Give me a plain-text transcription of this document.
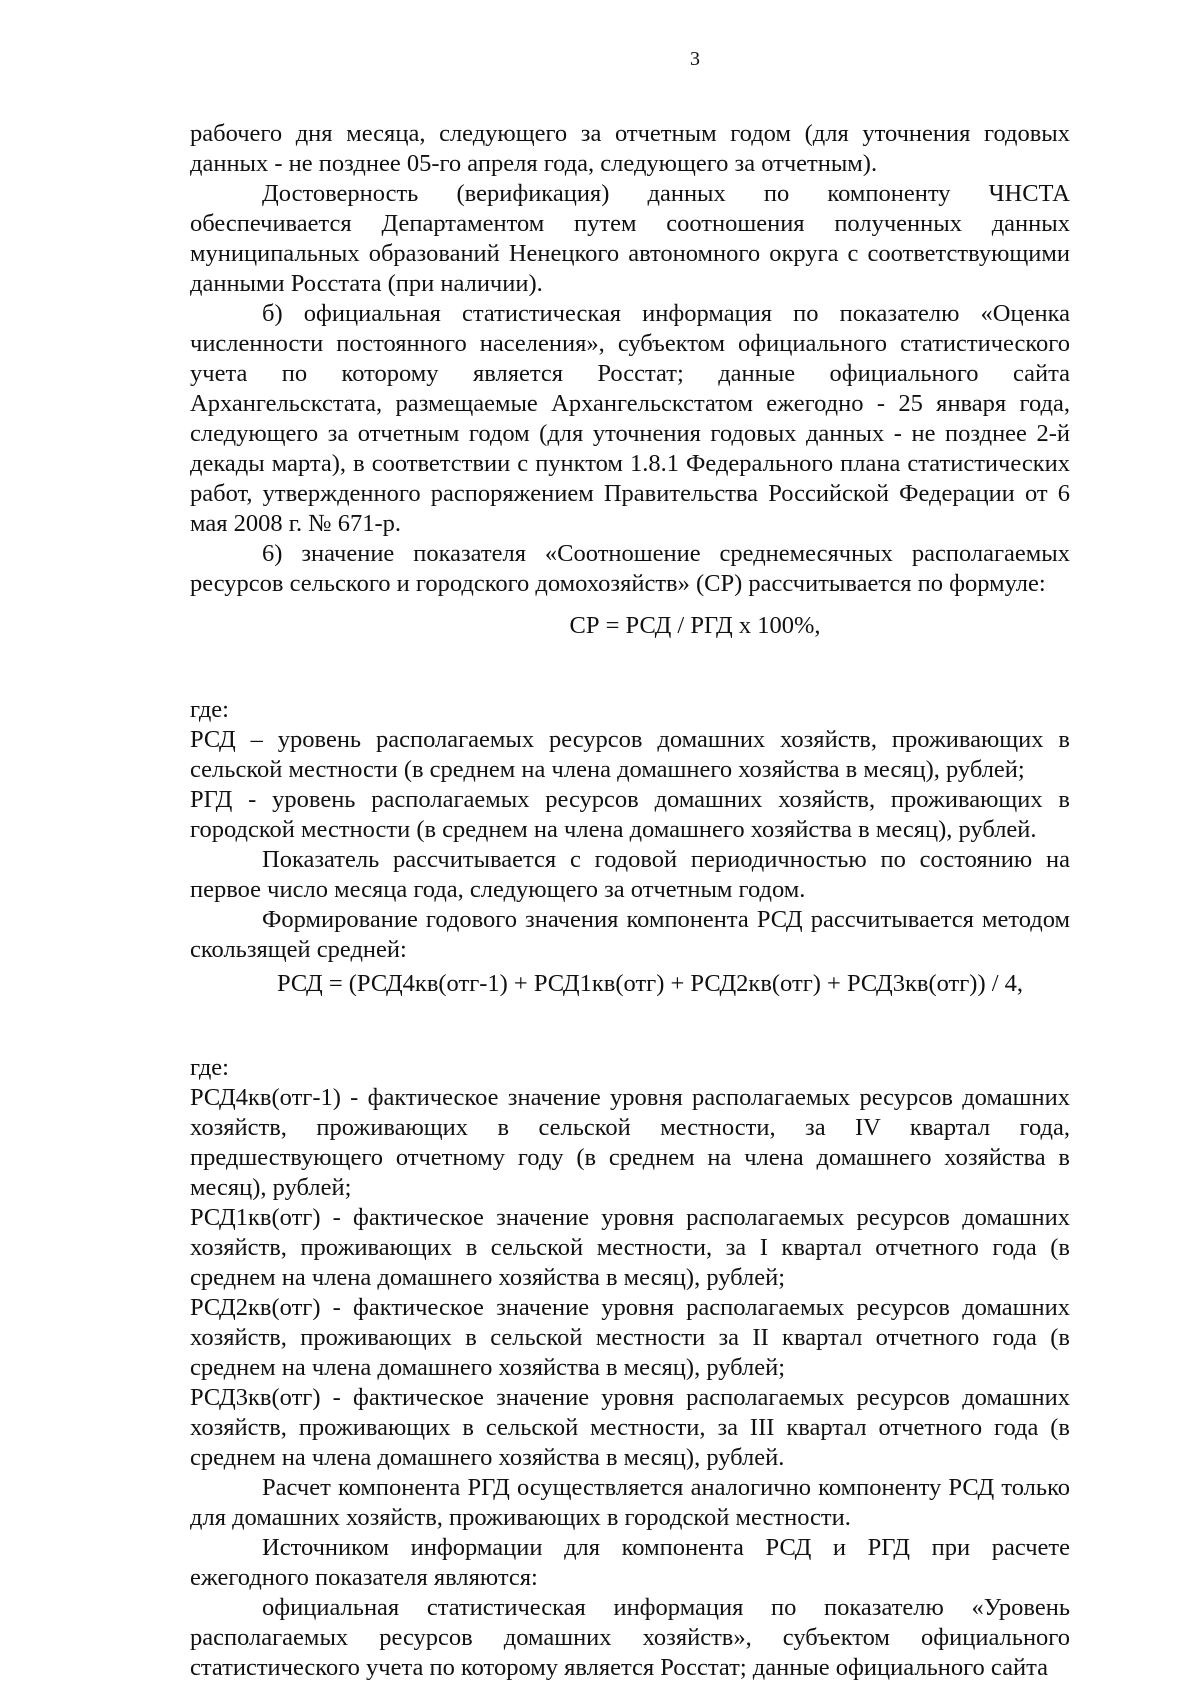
3

рабочего дня месяца, следующего за отчетным годом (для уточнения годовых данных - не позднее 05-го апреля года, следующего за отчетным).

Достоверность (верификация) данных по компоненту ЧНСТА обеспечивается Департаментом путем соотношения полученных данных муниципальных образований Ненецкого автономного округа с соответствующими данными Росстата (при наличии).

б) официальная статистическая информация по показателю «Оценка численности постоянного населения», субъектом официального статистического учета по которому является Росстат; данные официального сайта Архангельскстата, размещаемые Архангельскстатом ежегодно - 25 января года, следующего за отчетным годом (для уточнения годовых данных - не позднее 2-й декады марта), в соответствии с пунктом 1.8.1 Федерального плана статистических работ, утвержденного распоряжением Правительства Российской Федерации от 6 мая 2008 г. № 671-р.

6) значение показателя «Соотношение среднемесячных располагаемых ресурсов сельского и городского домохозяйств» (СР) рассчитывается по формуле:

СР = РСД / РГД х 100%,

где:

РСД – уровень располагаемых ресурсов домашних хозяйств, проживающих в сельской местности (в среднем на члена домашнего хозяйства в месяц), рублей;

РГД - уровень располагаемых ресурсов домашних хозяйств, проживающих в городской местности (в среднем на члена домашнего хозяйства в месяц), рублей.

Показатель рассчитывается с годовой периодичностью по состоянию на первое число месяца года, следующего за отчетным годом.

Формирование годового значения компонента РСД рассчитывается методом скользящей средней:

РСД = (РСД4кв(отг-1) + РСД1кв(отг) + РСД2кв(отг) + РСД3кв(отг)) / 4,

где:

РСД4кв(отг-1) - фактическое значение уровня располагаемых ресурсов домашних хозяйств, проживающих в сельской местности, за IV квартал года, предшествующего отчетному году (в среднем на члена домашнего хозяйства в месяц), рублей;

РСД1кв(отг) - фактическое значение уровня располагаемых ресурсов домашних хозяйств, проживающих в сельской местности, за I квартал отчетного года (в среднем на члена домашнего хозяйства в месяц), рублей;

РСД2кв(отг) - фактическое значение уровня располагаемых ресурсов домашних хозяйств, проживающих в сельской местности за II квартал отчетного года (в среднем на члена домашнего хозяйства в месяц), рублей;

РСД3кв(отг) - фактическое значение уровня располагаемых ресурсов домашних хозяйств, проживающих в сельской местности, за III квартал отчетного года (в среднем на члена домашнего хозяйства в месяц), рублей.

Расчет компонента РГД осуществляется аналогично компоненту РСД только для домашних хозяйств, проживающих в городской местности.

Источником информации для компонента РСД и РГД при расчете ежегодного показателя являются:

официальная статистическая информация по показателю «Уровень располагаемых ресурсов домашних хозяйств», субъектом официального статистического учета по которому является Росстат; данные официального сайта
